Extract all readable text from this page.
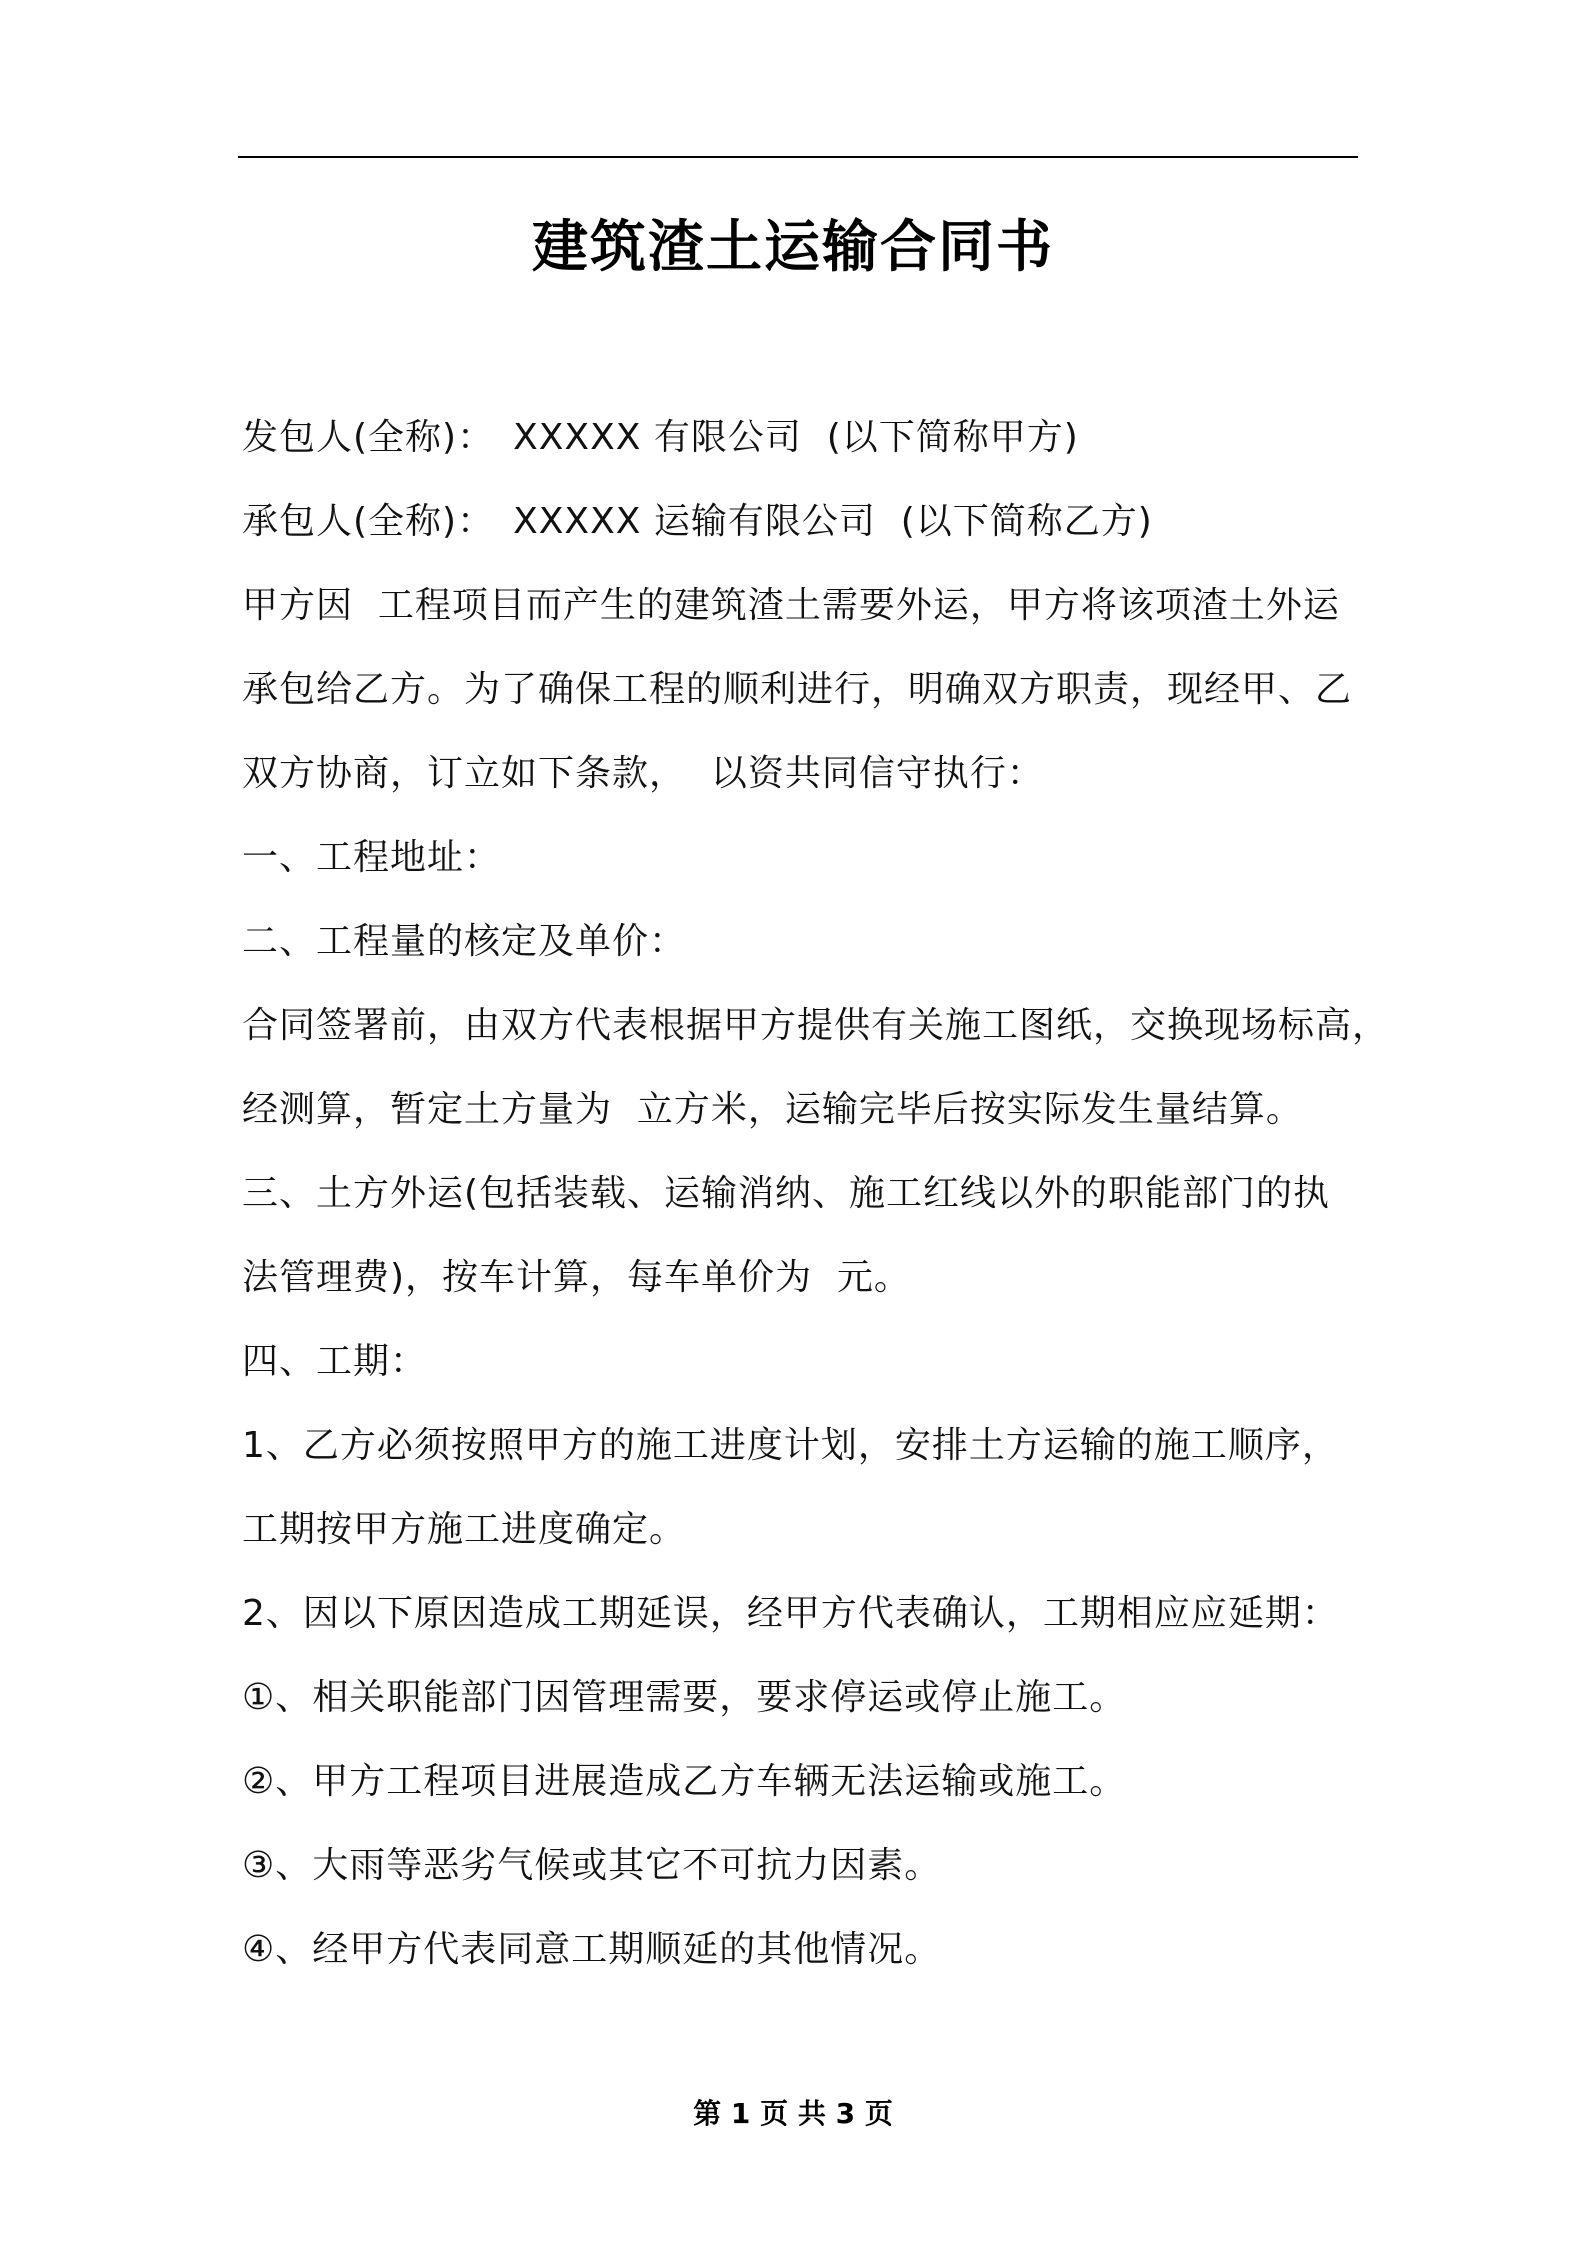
建筑渣土运输合同书
发包人(全称)：　XXXXX 有限公司  (以下简称甲方)
承包人(全称)：　XXXXX 运输有限公司  (以下简称乙方)
甲方因  工程项目而产生的建筑渣土需要外运，甲方将该项渣土外运
承包给乙方。为了确保工程的顺利进行，明确双方职责，现经甲、乙
双方协商，订立如下条款，  以资共同信守执行：
一、工程地址：
二、工程量的核定及单价：
合同签署前，由双方代表根据甲方提供有关施工图纸，交换现场标高，
经测算，暂定土方量为  立方米，运输完毕后按实际发生量结算。
三、土方外运(包括装载、运输消纳、施工红线以外的职能部门的执
法管理费)，按车计算，每车单价为  元。
四、工期：
1、乙方必须按照甲方的施工进度计划，安排土方运输的施工顺序，
工期按甲方施工进度确定。
2、因以下原因造成工期延误，经甲方代表确认，工期相应应延期：
①、相关职能部门因管理需要，要求停运或停止施工。
②、甲方工程项目进展造成乙方车辆无法运输或施工。
③、大雨等恶劣气候或其它不可抗力因素。
④、经甲方代表同意工期顺延的其他情况。
第 1 页 共 3 页
